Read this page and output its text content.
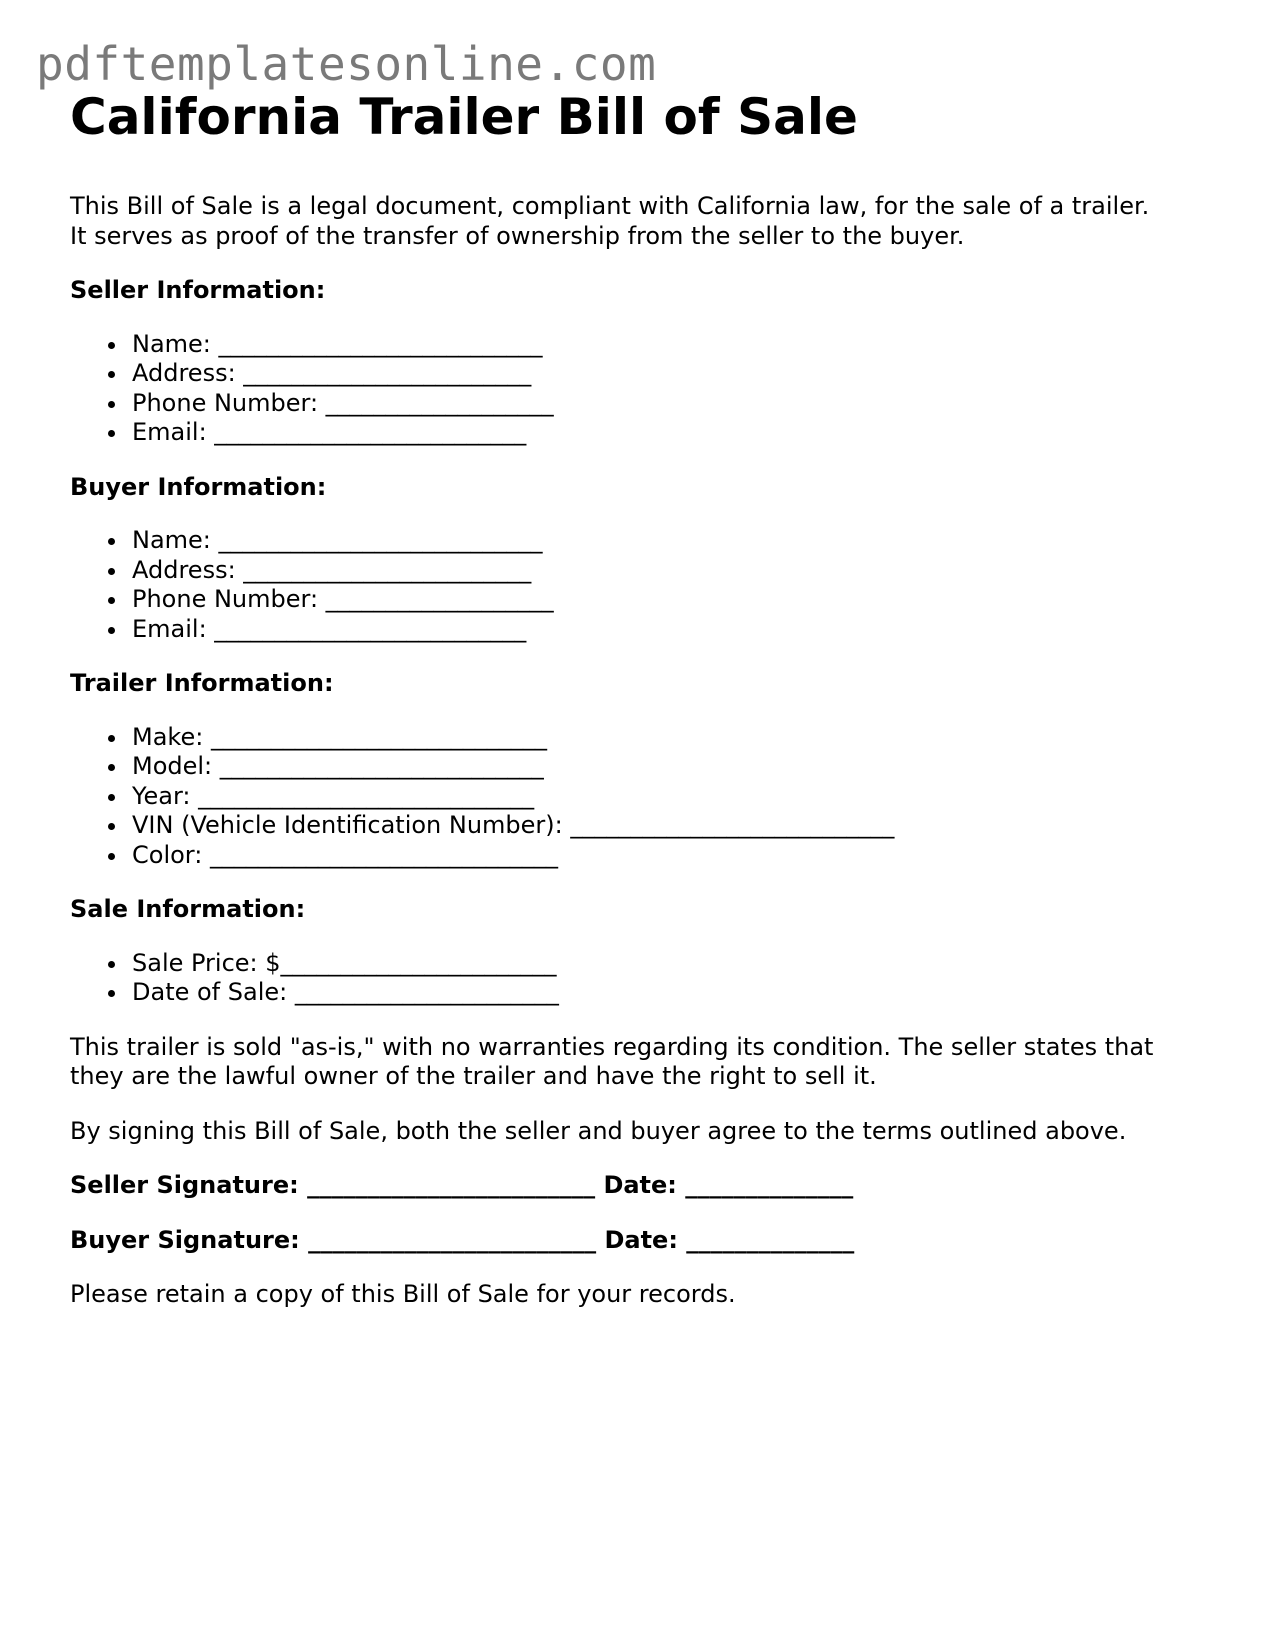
pdftemplatesonline.com
California Trailer Bill of Sale

This Bill of Sale is a legal document, compliant with California law, for the sale of a trailer.
It serves as proof of the transfer of ownership from the seller to the buyer.

Seller Information:
Name: ___________________________
Address: ________________________
Phone Number: ___________________
Email: __________________________
Buyer Information:
Name: ___________________________
Address: ________________________
Phone Number: ___________________
Email: __________________________
Trailer Information:
Make: ____________________________
Model: ___________________________
Year: ____________________________
VIN (Vehicle Identification Number): ___________________________
Color: _____________________________
Sale Information:
Sale Price: $_______________________
Date of Sale: ______________________

This trailer is sold "as-is," with no warranties regarding its condition. The seller states that
they are the lawful owner of the trailer and have the right to sell it.

By signing this Bill of Sale, both the seller and buyer agree to the terms outlined above.

Seller Signature: ________________________ Date: ______________
Buyer Signature: ________________________ Date: ______________

Please retain a copy of this Bill of Sale for your records.
